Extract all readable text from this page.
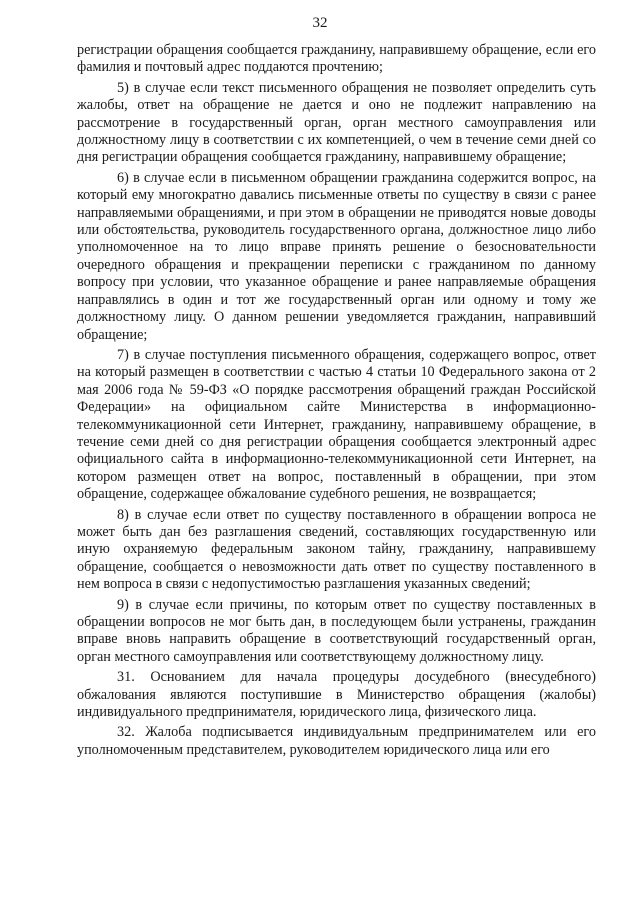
32

регистрации обращения сообщается гражданину, направившему обращение, если его фамилия и почтовый адрес поддаются прочтению;

5) в случае если текст письменного обращения не позволяет определить суть жалобы, ответ на обращение не дается и оно не подлежит направлению на рассмотрение в государственный орган, орган местного самоуправления или должностному лицу в соответствии с их компетенцией, о чем в течение семи дней со дня регистрации обращения сообщается гражданину, направившему обращение;

6) в случае если в письменном обращении гражданина содержится вопрос, на который ему многократно давались письменные ответы по существу в связи с ранее направляемыми обращениями, и при этом в обращении не приводятся новые доводы или обстоятельства, руководитель государственного органа, должностное лицо либо уполномоченное на то лицо вправе принять решение о безосновательности очередного обращения и прекращении переписки с гражданином по данному вопросу при условии, что указанное обращение и ранее направляемые обращения направлялись в один и тот же государственный орган или одному и тому же должностному лицу. О данном решении уведомляется гражданин, направивший обращение;

7) в случае поступления письменного обращения, содержащего вопрос, ответ на который размещен в соответствии с частью 4 статьи 10 Федерального закона от 2 мая 2006 года № 59-ФЗ «О порядке рассмотрения обращений граждан Российской Федерации» на официальном сайте Министерства в информационно-телекоммуникационной сети Интернет, гражданину, направившему обращение, в течение семи дней со дня регистрации обращения сообщается электронный адрес официального сайта в информационно-телекоммуникационной сети Интернет, на котором размещен ответ на вопрос, поставленный в обращении, при этом обращение, содержащее обжалование судебного решения, не возвращается;

8) в случае если ответ по существу поставленного в обращении вопроса не может быть дан без разглашения сведений, составляющих государственную или иную охраняемую федеральным законом тайну, гражданину, направившему обращение, сообщается о невозможности дать ответ по существу поставленного в нем вопроса в связи с недопустимостью разглашения указанных сведений;

9) в случае если причины, по которым ответ по существу поставленных в обращении вопросов не мог быть дан, в последующем были устранены, гражданин вправе вновь направить обращение в соответствующий государственный орган, орган местного самоуправления или соответствующему должностному лицу.

31. Основанием для начала процедуры досудебного (внесудебного) обжалования являются поступившие в Министерство обращения (жалобы) индивидуального предпринимателя, юридического лица, физического лица.

32. Жалоба подписывается индивидуальным предпринимателем или его уполномоченным представителем, руководителем юридического лица или его
